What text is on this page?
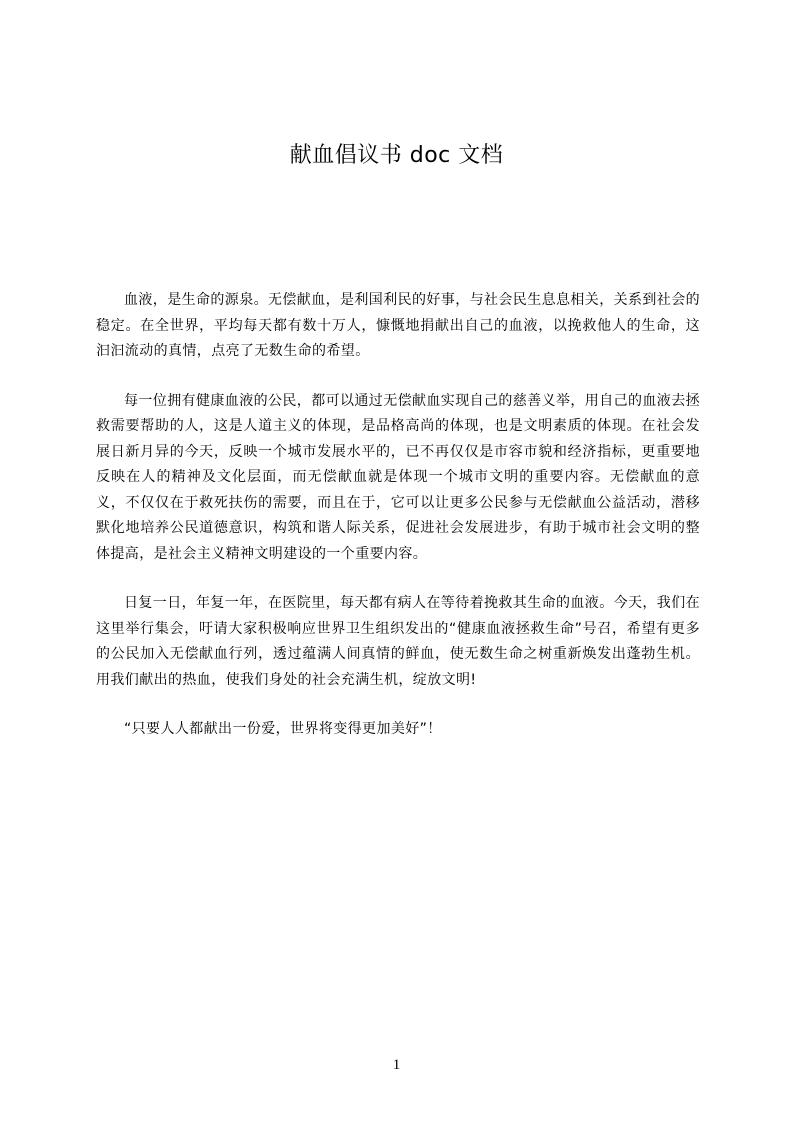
献血倡议书 doc 文档

血液，是生命的源泉。无偿献血，是利国利民的好事，与社会民生息息相关，关系到社会的稳定。在全世界，平均每天都有数十万人，慷慨地捐献出自己的血液，以挽救他人的生命，这汩汩流动的真情，点亮了无数生命的希望。

每一位拥有健康血液的公民，都可以通过无偿献血实现自己的慈善义举，用自己的血液去拯救需要帮助的人，这是人道主义的体现，是品格高尚的体现，也是文明素质的体现。在社会发展日新月异的今天，反映一个城市发展水平的，已不再仅仅是市容市貌和经济指标，更重要地反映在人的精神及文化层面，而无偿献血就是体现一个城市文明的重要内容。无偿献血的意义，不仅仅在于救死扶伤的需要，而且在于，它可以让更多公民参与无偿献血公益活动，潜移默化地培养公民道德意识，构筑和谐人际关系，促进社会发展进步，有助于城市社会文明的整体提高，是社会主义精神文明建设的一个重要内容。

日复一日，年复一年，在医院里，每天都有病人在等待着挽救其生命的血液。今天，我们在这里举行集会，吁请大家积极响应世界卫生组织发出的“健康血液拯救生命”号召，希望有更多的公民加入无偿献血行列，透过蕴满人间真情的鲜血，使无数生命之树重新焕发出蓬勃生机。用我们献出的热血，使我们身处的社会充满生机，绽放文明!

“只要人人都献出一份爱，世界将变得更加美好”！

1
